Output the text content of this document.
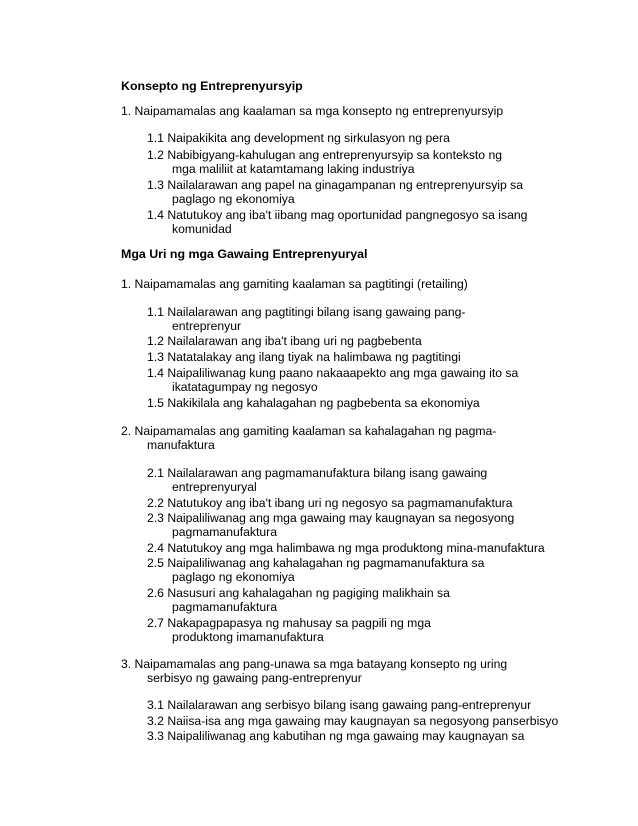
Konsepto ng Entreprenyursyip
1. Naipamamalas ang kaalaman sa mga konsepto ng entreprenyursyip
1.1 Naipakikita ang development ng sirkulasyon ng pera
1.2 Nabibigyang-kahulugan ang entreprenyursyip sa konteksto ng
mga maliliit at katamtamang laking industriya
1.3 Nailalarawan ang papel na ginagampanan ng entreprenyursyip sa
paglago ng ekonomiya
1.4 Natutukoy ang iba't iibang mag oportunidad pangnegosyo sa isang
komunidad
Mga Uri ng mga Gawaing Entreprenyuryal
1. Naipamamalas ang gamiting kaalaman sa pagtitingi (retailing)
1.1 Nailalarawan ang pagtitingi bilang isang gawaing pang-
entreprenyur
1.2 Nailalarawan ang iba't ibang uri ng pagbebenta
1.3 Natatalakay ang ilang tiyak na halimbawa ng pagtitingi
1.4 Naipaliliwanag kung paano nakaaapekto ang mga gawaing ito sa
ikatatagumpay ng negosyo
1.5 Nakikilala ang kahalagahan ng pagbebenta sa ekonomiya
2. Naipamamalas ang gamiting kaalaman sa kahalagahan ng pagma-
manufaktura
2.1 Nailalarawan ang pagmamanufaktura bilang isang gawaing
entreprenyuryal
2.2 Natutukoy ang iba't ibang uri ng negosyo sa pagmamanufaktura
2.3 Naipaliliwanag ang mga gawaing may kaugnayan sa negosyong
pagmamanufaktura
2.4 Natutukoy ang mga halimbawa ng mga produktong mina-manufaktura
2.5 Naipaliliwanag ang kahalagahan ng pagmamanufaktura sa
paglago ng ekonomiya
2.6 Nasusuri ang kahalagahan ng pagiging malikhain sa
pagmamanufaktura
2.7 Nakapagpapasya ng mahusay sa pagpili ng mga
produktong imamanufaktura
3. Naipamamalas ang pang-unawa sa mga batayang konsepto ng uring
serbisyo ng gawaing pang-entreprenyur
3.1 Nailalarawan ang serbisyo bilang isang gawaing pang-entreprenyur
3.2 Naiisa-isa ang mga gawaing may kaugnayan sa negosyong panserbisyo
3.3 Naipaliliwanag ang kabutihan ng mga gawaing may kaugnayan sa
